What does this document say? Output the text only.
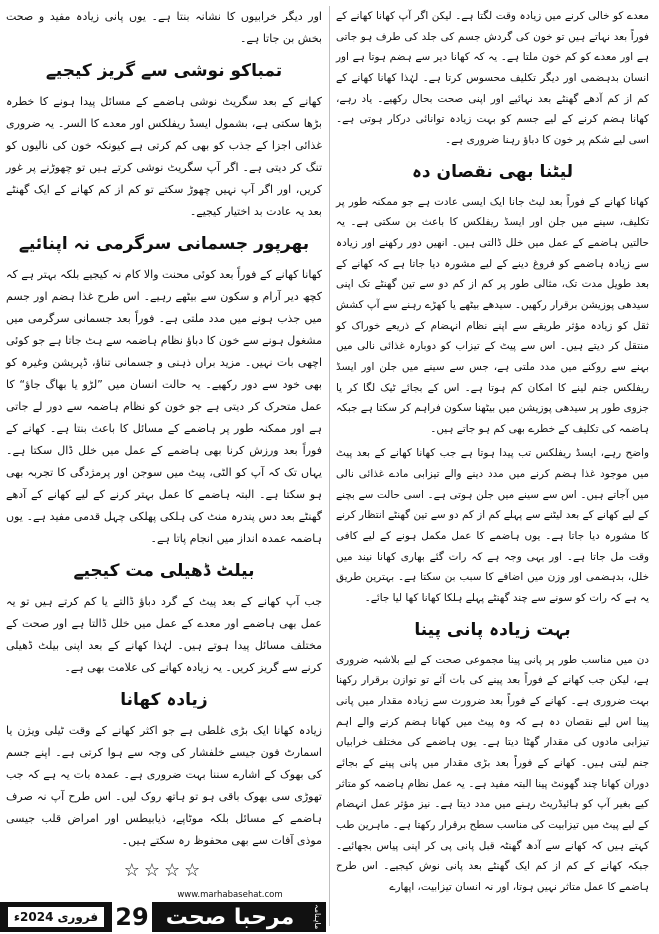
معدے کو خالی کرنے میں زیادہ وقت لگتا ہے۔ لیکن اگر آپ کھانا کھانے کے فوراً بعد نہاتے ہیں تو خون کی گردش جسم کی جلد کی طرف ہو جاتی ہے اور معدے کو کم خون ملتا ہے۔ یہ کہ کھانا دیر سے ہضم ہوتا ہے اور انسان بدہضمی اور دیگر تکلیف محسوس کرتا ہے۔ لہٰذا کھانا کھانے کے کم از کم آدھے گھنٹے بعد نہائیے اور اپنی صحت بحال رکھیے۔ یاد رہے، کھانا ہضم کرنے کے لیے جسم کو بہت زیادہ توانائی درکار ہوتی ہے۔ اسی لیے شکم پر خون کا دباؤ رہنا ضروری ہے۔

لیٹنا بھی نقصان دہ

کھانا کھانے کے فوراً بعد لیٹ جانا ایک ایسی عادت ہے جو ممکنہ طور پر تکلیف، سینے میں جلن اور ایسڈ ریفلکس کا باعث بن سکتی ہے۔ یہ حالتیں ہاضمے کے عمل میں خلل ڈالتی ہیں۔ انھیں دور رکھنے اور زیادہ سے زیادہ ہاضمے کو فروغ دینے کے لیے مشورہ دیا جاتا ہے کہ کھانے کے بعد طویل مدت تک، مثالی طور پر کم از کم دو سے تین گھنٹے تک اپنی سیدھی پوزیشن برقرار رکھیں۔ سیدھے بیٹھے یا کھڑے رہنے سے آپ کشش ثقل کو زیادہ مؤثر طریقے سے اپنے نظام انہضام کے ذریعے خوراک کو منتقل کر دیتے ہیں۔ اس سے پیٹ کے تیزاب کو دوبارہ غذائی نالی میں بہنے سے روکنے میں مدد ملتی ہے، جس سے سینے میں جلن اور ایسڈ ریفلکس جنم لینے کا امکان کم ہوتا ہے۔ اس کے بجائے ٹیک لگا کر یا جزوی طور پر سیدھی پوزیشن میں بیٹھنا سکون فراہم کر سکتا ہے جبکہ ہاضمہ کی تکلیف کے خطرے بھی کم ہو جاتے ہیں۔

واضح رہے، ایسڈ ریفلکس تب پیدا ہوتا ہے جب کھانا کھانے کے بعد پیٹ میں موجود غذا ہضم کرنے میں مدد دینے والے تیزابی مادے غذائی نالی میں آجاتے ہیں۔ اس سے سینے میں جلن ہوتی ہے۔ اسی حالت سے بچنے کے لیے کھانے کے بعد لیٹنے سے پہلے کم از کم دو سے تین گھنٹے انتظار کرنے کا مشورہ دیا جاتا ہے۔ یوں ہاضمے کا عمل مکمل ہونے کے لیے کافی وقت مل جاتا ہے۔ اور یہی وجہ ہے کہ رات گئے بھاری کھانا نیند میں خلل، بدہضمی اور وزن میں اضافے کا سبب بن سکتا ہے۔ بہترین طریق یہ ہے کہ رات کو سونے سے چند گھنٹے پہلے ہلکا کھانا کھا لیا جائے۔

بہت زیادہ پانی پینا

دن میں مناسب طور پر پانی پینا مجموعی صحت کے لیے بلاشبہ ضروری ہے، لیکن جب کھانے کے فوراً بعد پینے کی بات آئے تو توازن برقرار رکھنا بہت ضروری ہے۔ کھانے کے فوراً بعد ضرورت سے زیادہ مقدار میں پانی پینا اس لیے نقصان دہ ہے کہ وہ پیٹ میں کھانا ہضم کرنے والے اہم تیزابی مادوں کی مقدار گھٹا دیتا ہے۔ یوں ہاضمے کی مختلف خرابیاں جنم لیتی ہیں۔ کھانے کے فوراً بعد بڑی مقدار میں پانی پینے کے بجائے دوران کھانا چند گھونٹ پینا البتہ مفید ہے۔ یہ عمل نظام ہاضمہ کو متاثر کیے بغیر آپ کو ہائیڈریٹ رہنے میں مدد دیتا ہے۔ نیز مؤثر عمل انہضام کے لیے پیٹ میں تیزابیت کی مناسب سطح برقرار رکھتا ہے۔ ماہرین طب کہتے ہیں کہ کھانے سے آدھ گھنٹہ قبل پانی پی کر اپنی پیاس بجھائیے۔ جبکہ کھانے کے کم از کم ایک گھنٹے بعد پانی نوش کیجیے۔ اس طرح ہاضمے کا عمل متاثر نہیں ہوتا، اور نہ انسان تیزابیت، اپھارے

اور دیگر خرابیوں کا نشانہ بنتا ہے۔ یوں پانی زیادہ مفید و صحت بخش بن جاتا ہے۔

تمباکو نوشی سے گریز کیجیے

کھانے کے بعد سگریٹ نوشی ہاضمے کے مسائل پیدا ہونے کا خطرہ بڑھا سکتی ہے، بشمول ایسڈ ریفلکس اور معدے کا السر۔ یہ ضروری غذائی اجزا کے جذب کو بھی کم کرتی ہے کیونکہ خون کی نالیوں کو تنگ کر دیتی ہے۔ اگر آپ سگریٹ نوشی کرتے ہیں تو چھوڑنے پر غور کریں، اور اگر آپ نہیں چھوڑ سکتے تو کم از کم کھانے کے ایک گھنٹے بعد یہ عادت بد اختیار کیجیے۔

بھرپور جسمانی سرگرمی نہ اپنائیے

کھانا کھانے کے فوراً بعد کوئی محنت والا کام نہ کیجیے بلکہ بہتر ہے کہ کچھ دیر آرام و سکون سے بیٹھے رہیے۔ اس طرح غذا ہضم اور جسم میں جذب ہونے میں مدد ملتی ہے۔ فوراً بعد جسمانی سرگرمی میں مشغول ہونے سے خون کا دباؤ نظام ہاضمہ سے ہٹ جاتا ہے جو کوئی اچھی بات نہیں۔ مزید براں ذہنی و جسمانی تناؤ، ڈپریشن وغیرہ کو بھی خود سے دور رکھیے۔ یہ حالت انسان میں ”لڑو یا بھاگ جاؤ“ کا عمل متحرک کر دیتی ہے جو خون کو نظام ہاضمہ سے دور لے جاتی ہے اور ممکنہ طور پر ہاضمے کے مسائل کا باعث بنتا ہے۔ کھانے کے فوراً بعد ورزش کرنا بھی ہاضمے کے عمل میں خلل ڈال سکتا ہے۔ یہاں تک کہ آپ کو الٹی، پیٹ میں سوجن اور پرمژدگی کا تجربہ بھی ہو سکتا ہے۔ البتہ ہاضمے کا عمل بہتر کرنے کے لیے کھانے کے آدھے گھنٹے بعد دس پندرہ منٹ کی ہلکی پھلکی چہل قدمی مفید ہے۔ یوں ہاضمہ عمدہ انداز میں انجام پاتا ہے۔

بیلٹ ڈھیلی مت کیجیے

جب آپ کھانے کے بعد پیٹ کے گرد دباؤ ڈالتے یا کم کرتے ہیں تو یہ عمل بھی ہاضمے اور معدے کے عمل میں خلل ڈالتا ہے اور صحت کے مختلف مسائل پیدا ہوتے ہیں۔ لہٰذا کھانے کے بعد اپنی بیلٹ ڈھیلی کرنے سے گریز کریں۔ یہ زیادہ کھانے کی علامت بھی ہے۔

زیادہ کھانا

زیادہ کھانا ایک بڑی غلطی ہے جو اکثر کھانے کے وقت ٹیلی ویژن یا اسمارٹ فون جیسے خلفشار کی وجہ سے ہوا کرتی ہے۔ اپنے جسم کی بھوک کے اشارے سننا بہت ضروری ہے۔ عمدہ بات یہ ہے کہ جب تھوڑی سی بھوک باقی ہو تو ہاتھ روک لیں۔ اس طرح آپ نہ صرف ہاضمے کے مسائل بلکہ موٹاپے، ذیابیطس اور امراض قلب جیسی موذی آفات سے بھی محفوظ رہ سکتے ہیں۔

☆☆☆☆
فروری
2024ء	29
www.marhabasehat.com
مرحبا صحت	ماہنامہ
